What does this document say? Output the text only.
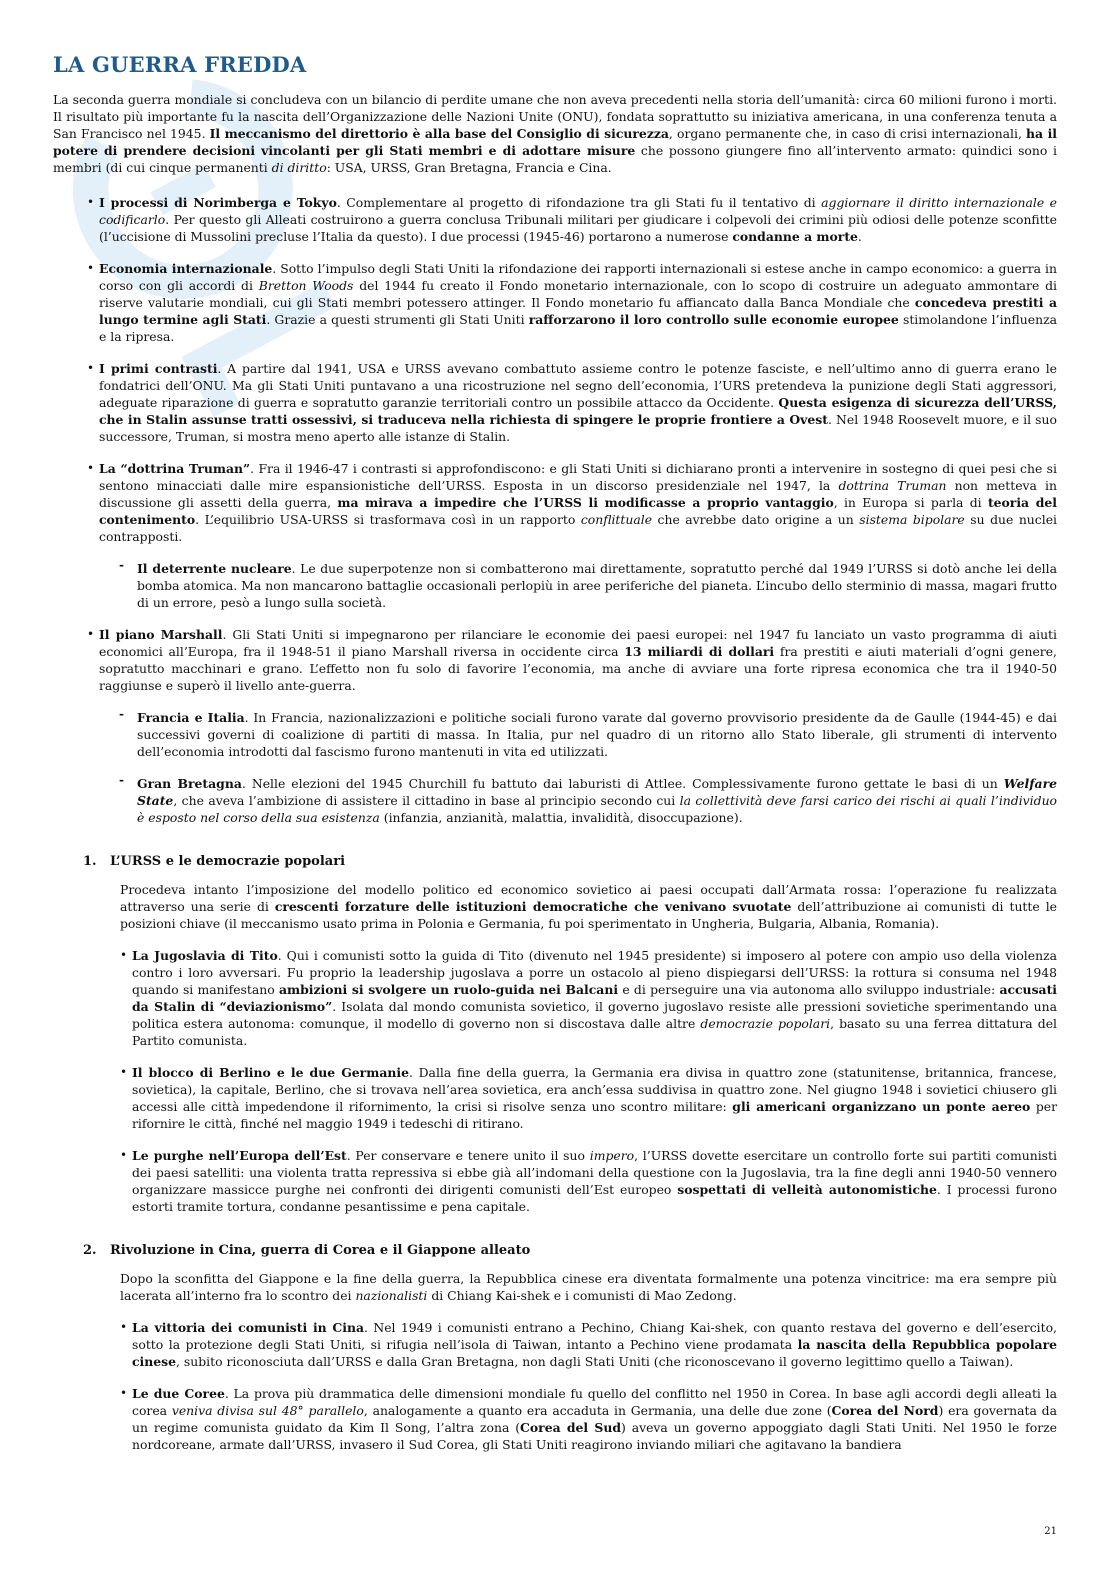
LA GUERRA FREDDA

La seconda guerra mondiale si concludeva con un bilancio di perdite umane che non aveva precedenti nella storia dell’umanità: circa 60 milioni furono i morti. Il risultato più importante fu la nascita dell’Organizzazione delle Nazioni Unite (ONU), fondata soprattutto su iniziativa americana, in una conferenza tenuta a San Francisco nel 1945. Il meccanismo del direttorio è alla base del Consiglio di sicurezza, organo permanente che, in caso di crisi internazionali, ha il potere di prendere decisioni vincolanti per gli Stati membri e di adottare misure che possono giungere fino all’intervento armato: quindici sono i membri (di cui cinque permanenti di diritto: USA, URSS, Gran Bretagna, Francia e Cina.

• I processi di Norimberga e Tokyo. Complementare al progetto di rifondazione tra gli Stati fu il tentativo di aggiornare il diritto internazionale e codificarlo. Per questo gli Alleati costruirono a guerra conclusa Tribunali militari per giudicare i colpevoli dei crimini più odiosi delle potenze sconfitte (l’uccisione di Mussolini precluse l’Italia da questo). I due processi (1945-46) portarono a numerose condanne a morte.
• Economia internazionale. Sotto l’impulso degli Stati Uniti la rifondazione dei rapporti internazionali si estese anche in campo economico: a guerra in corso con gli accordi di Bretton Woods del 1944 fu creato il Fondo monetario internazionale, con lo scopo di costruire un adeguato ammontare di riserve valutarie mondiali, cui gli Stati membri potessero attinger. Il Fondo monetario fu affiancato dalla Banca Mondiale che concedeva prestiti a lungo termine agli Stati. Grazie a questi strumenti gli Stati Uniti rafforzarono il loro controllo sulle economie europee stimolandone l’influenza e la ripresa.
• I primi contrasti. A partire dal 1941, USA e URSS avevano combattuto assieme contro le potenze fasciste, e nell’ultimo anno di guerra erano le fondatrici dell’ONU. Ma gli Stati Uniti puntavano a una ricostruzione nel segno dell’economia, l’URS pretendeva la punizione degli Stati aggressori, adeguate riparazione di guerra e sopratutto garanzie territoriali contro un possibile attacco da Occidente. Questa esigenza di sicurezza dell’URSS, che in Stalin assunse tratti ossessivi, si traduceva nella richiesta di spingere le proprie frontiere a Ovest. Nel 1948 Roosevelt muore, e il suo successore, Truman, si mostra meno aperto alle istanze di Stalin.
• La “dottrina Truman”. Fra il 1946-47 i contrasti si approfondiscono: e gli Stati Uniti si dichiarano pronti a intervenire in sostegno di quei pesi che si sentono minacciati dalle mire espansionistiche dell’URSS. Esposta in un discorso presidenziale nel 1947, la dottrina Truman non metteva in discussione gli assetti della guerra, ma mirava a impedire che l’URSS li modificasse a proprio vantaggio, in Europa si parla di teoria del contenimento. L’equilibrio USA-URSS si trasformava così in un rapporto conflittuale che avrebbe dato origine a un sistema bipolare su due nuclei contrapposti.
- Il deterrente nucleare. Le due superpotenze non si combatterono mai direttamente, sopratutto perché dal 1949 l’URSS si dotò anche lei della bomba atomica. Ma non mancarono battaglie occasionali perlopiù in aree periferiche del pianeta. L’incubo dello sterminio di massa, magari frutto di un errore, pesò a lungo sulla società.
• Il piano Marshall. Gli Stati Uniti si impegnarono per rilanciare le economie dei paesi europei: nel 1947 fu lanciato un vasto programma di aiuti economici all’Europa, fra il 1948-51 il piano Marshall riversa in occidente circa 13 miliardi di dollari fra prestiti e aiuti materiali d’ogni genere, sopratutto macchinari e grano. L’effetto non fu solo di favorire l’economia, ma anche di avviare una forte ripresa economica che tra il 1940-50 raggiunse e superò il livello ante-guerra.
- Francia e Italia. In Francia, nazionalizzazioni e politiche sociali furono varate dal governo provvisorio presidente da de Gaulle (1944-45) e dai successivi governi di coalizione di partiti di massa. In Italia, pur nel quadro di un ritorno allo Stato liberale, gli strumenti di intervento dell’economia introdotti dal fascismo furono mantenuti in vita ed utilizzati.
- Gran Bretagna. Nelle elezioni del 1945 Churchill fu battuto dai laburisti di Attlee. Complessivamente furono gettate le basi di un Welfare State, che aveva l’ambizione di assistere il cittadino in base al principio secondo cui la collettività deve farsi carico dei rischi ai quali l’individuo è esposto nel corso della sua esistenza (infanzia, anzianità, malattia, invalidità, disoccupazione).
1. L’URSS e le democrazie popolari

Procedeva intanto l’imposizione del modello politico ed economico sovietico ai paesi occupati dall’Armata rossa: l’operazione fu realizzata attraverso una serie di crescenti forzature delle istituzioni democratiche che venivano svuotate dell’attribuzione ai comunisti di tutte le posizioni chiave (il meccanismo usato prima in Polonia e Germania, fu poi sperimentato in Ungheria, Bulgaria, Albania, Romania).

• La Jugoslavia di Tito. Qui i comunisti sotto la guida di Tito (divenuto nel 1945 presidente) si imposero al potere con ampio uso della violenza contro i loro avversari. Fu proprio la leadership jugoslava a porre un ostacolo al pieno dispiegarsi dell’URSS: la rottura si consuma nel 1948 quando si manifestano ambizioni si svolgere un ruolo-guida nei Balcani e di perseguire una via autonoma allo sviluppo industriale: accusati da Stalin di “deviazionismo”. Isolata dal mondo comunista sovietico, il governo jugoslavo resiste alle pressioni sovietiche sperimentando una politica estera autonoma: comunque, il modello di governo non si discostava dalle altre democrazie popolari, basato su una ferrea dittatura del Partito comunista.
• Il blocco di Berlino e le due Germanie. Dalla fine della guerra, la Germania era divisa in quattro zone (statunitense, britannica, francese, sovietica), la capitale, Berlino, che si trovava nell’area sovietica, era anch’essa suddivisa in quattro zone. Nel giugno 1948 i sovietici chiusero gli accessi alle città impedendone il rifornimento, la crisi si risolve senza uno scontro militare: gli americani organizzano un ponte aereo per rifornire le città, finché nel maggio 1949 i tedeschi di ritirano.
• Le purghe nell’Europa dell’Est. Per conservare e tenere unito il suo impero, l’URSS dovette esercitare un controllo forte sui partiti comunisti dei paesi satelliti: una violenta tratta repressiva si ebbe già all’indomani della questione con la Jugoslavia, tra la fine degli anni 1940-50 vennero organizzare massicce purghe nei confronti dei dirigenti comunisti dell’Est europeo sospettati di velleità autonomistiche. I processi furono estorti tramite tortura, condanne pesantissime e pena capitale.
2. Rivoluzione in Cina, guerra di Corea e il Giappone alleato

Dopo la sconfitta del Giappone e la fine della guerra, la Repubblica cinese era diventata formalmente una potenza vincitrice: ma era sempre più lacerata all’interno fra lo scontro dei nazionalisti di Chiang Kai-shek e i comunisti di Mao Zedong.

• La vittoria dei comunisti in Cina. Nel 1949 i comunisti entrano a Pechino, Chiang Kai-shek, con quanto restava del governo e dell’esercito, sotto la protezione degli Stati Uniti, si rifugia nell’isola di Taiwan, intanto a Pechino viene prodamata la nascita della Repubblica popolare cinese, subito riconosciuta dall’URSS e dalla Gran Bretagna, non dagli Stati Uniti (che riconoscevano il governo legittimo quello a Taiwan).
• Le due Coree. La prova più drammatica delle dimensioni mondiale fu quello del conflitto nel 1950 in Corea. In base agli accordi degli alleati la corea veniva divisa sul 48° parallelo, analogamente a quanto era accaduta in Germania, una delle due zone (Corea del Nord) era governata da un regime comunista guidato da Kim Il Song, l’altra zona (Corea del Sud) aveva un governo appoggiato dagli Stati Uniti. Nel 1950 le forze nordcoreane, armate dall’URSS, invasero il Sud Corea, gli Stati Uniti reagirono inviando miliari che agitavano la bandiera
21
